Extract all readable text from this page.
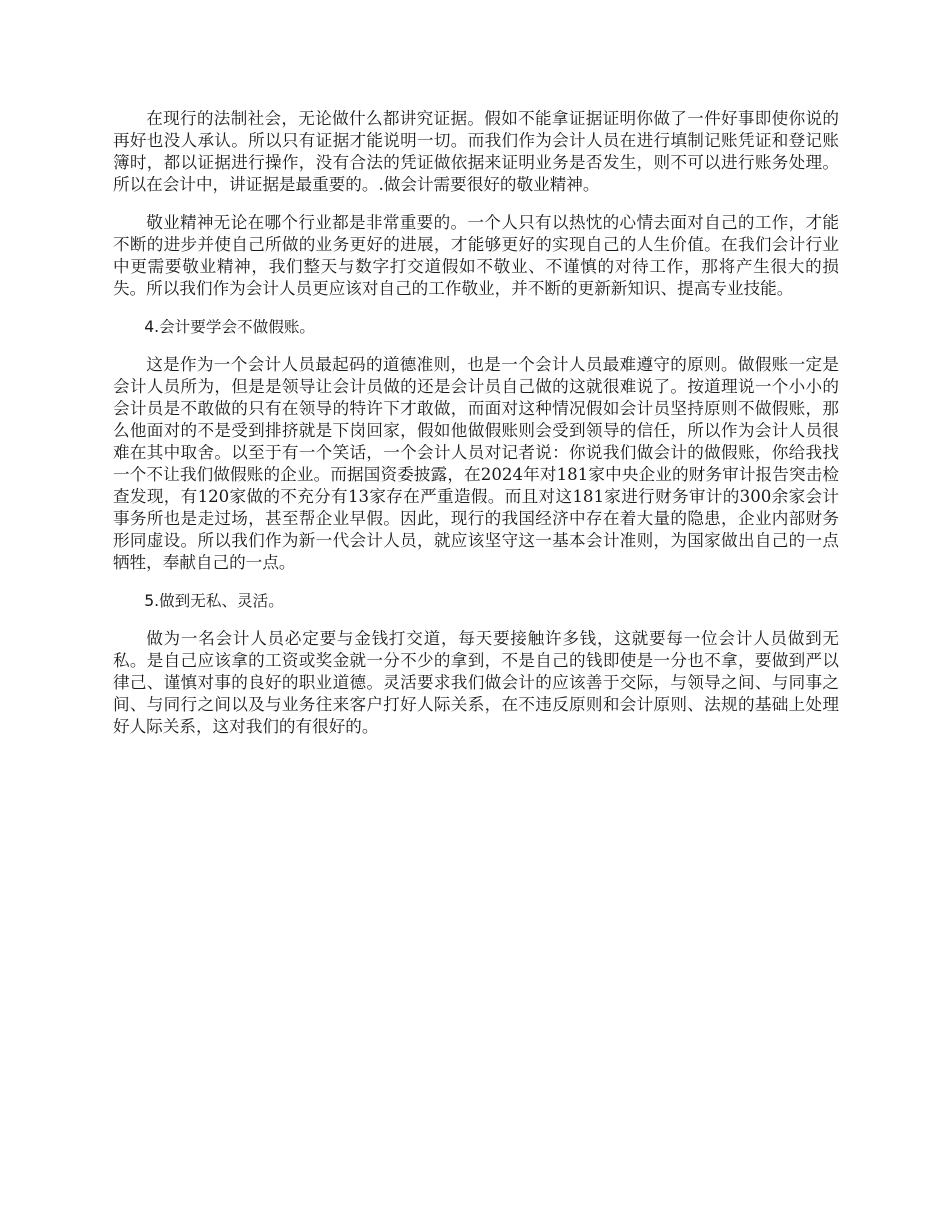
在现行的法制社会，无论做什么都讲究证据。假如不能拿证据证明你做了一件好事即使你说的再好也没人承认。所以只有证据才能说明一切。而我们作为会计人员在进行填制记账凭证和登记账簿时，都以证据进行操作，没有合法的凭证做依据来证明业务是否发生，则不可以进行账务处理。所以在会计中，讲证据是最重要的。.做会计需要很好的敬业精神。

敬业精神无论在哪个行业都是非常重要的。一个人只有以热忱的心情去面对自己的工作，才能不断的进步并使自己所做的业务更好的进展，才能够更好的实现自己的人生价值。在我们会计行业中更需要敬业精神，我们整天与数字打交道假如不敬业、不谨慎的对待工作，那将产生很大的损失。所以我们作为会计人员更应该对自己的工作敬业，并不断的更新新知识、提高专业技能。

4.会计要学会不做假账。

这是作为一个会计人员最起码的道德准则，也是一个会计人员最难遵守的原则。做假账一定是会计人员所为，但是是领导让会计员做的还是会计员自己做的这就很难说了。按道理说一个小小的会计员是不敢做的只有在领导的特许下才敢做，而面对这种情况假如会计员坚持原则不做假账，那么他面对的不是受到排挤就是下岗回家，假如他做假账则会受到领导的信任，所以作为会计人员很难在其中取舍。以至于有一个笑话，一个会计人员对记者说：你说我们做会计的做假账，你给我找一个不让我们做假账的企业。而据国资委披露，在2024年对181家中央企业的财务审计报告突击检查发现，有120家做的不充分有13家存在严重造假。而且对这181家进行财务审计的300余家会计事务所也是走过场，甚至帮企业早假。因此，现行的我国经济中存在着大量的隐患，企业内部财务形同虚设。所以我们作为新一代会计人员，就应该坚守这一基本会计准则，为国家做出自己的一点牺牲，奉献自己的一点。

5.做到无私、灵活。

做为一名会计人员必定要与金钱打交道，每天要接触许多钱，这就要每一位会计人员做到无私。是自己应该拿的工资或奖金就一分不少的拿到，不是自己的钱即使是一分也不拿，要做到严以律己、谨慎对事的良好的职业道德。灵活要求我们做会计的应该善于交际，与领导之间、与同事之间、与同行之间以及与业务往来客户打好人际关系，在不违反原则和会计原则、法规的基础上处理好人际关系，这对我们的有很好的。
